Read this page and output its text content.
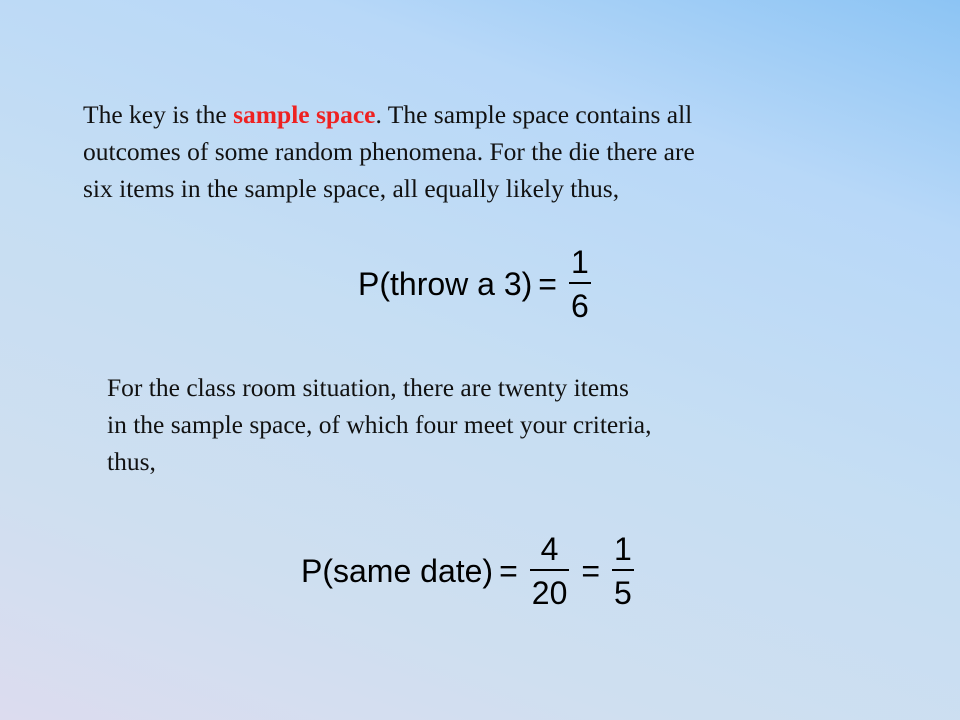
The key is the sample space. The sample space contains all
outcomes of some random phenomena. For the die there are
six items in the sample space, all equally likely thus,
P(throw a $3) = \frac{1}{6}$
For the class room situation, there are twenty items
in the sample space, of which four meet your criteria,
thus,
P(same date) = $\frac{4}{20} = \frac{1}{5}$
